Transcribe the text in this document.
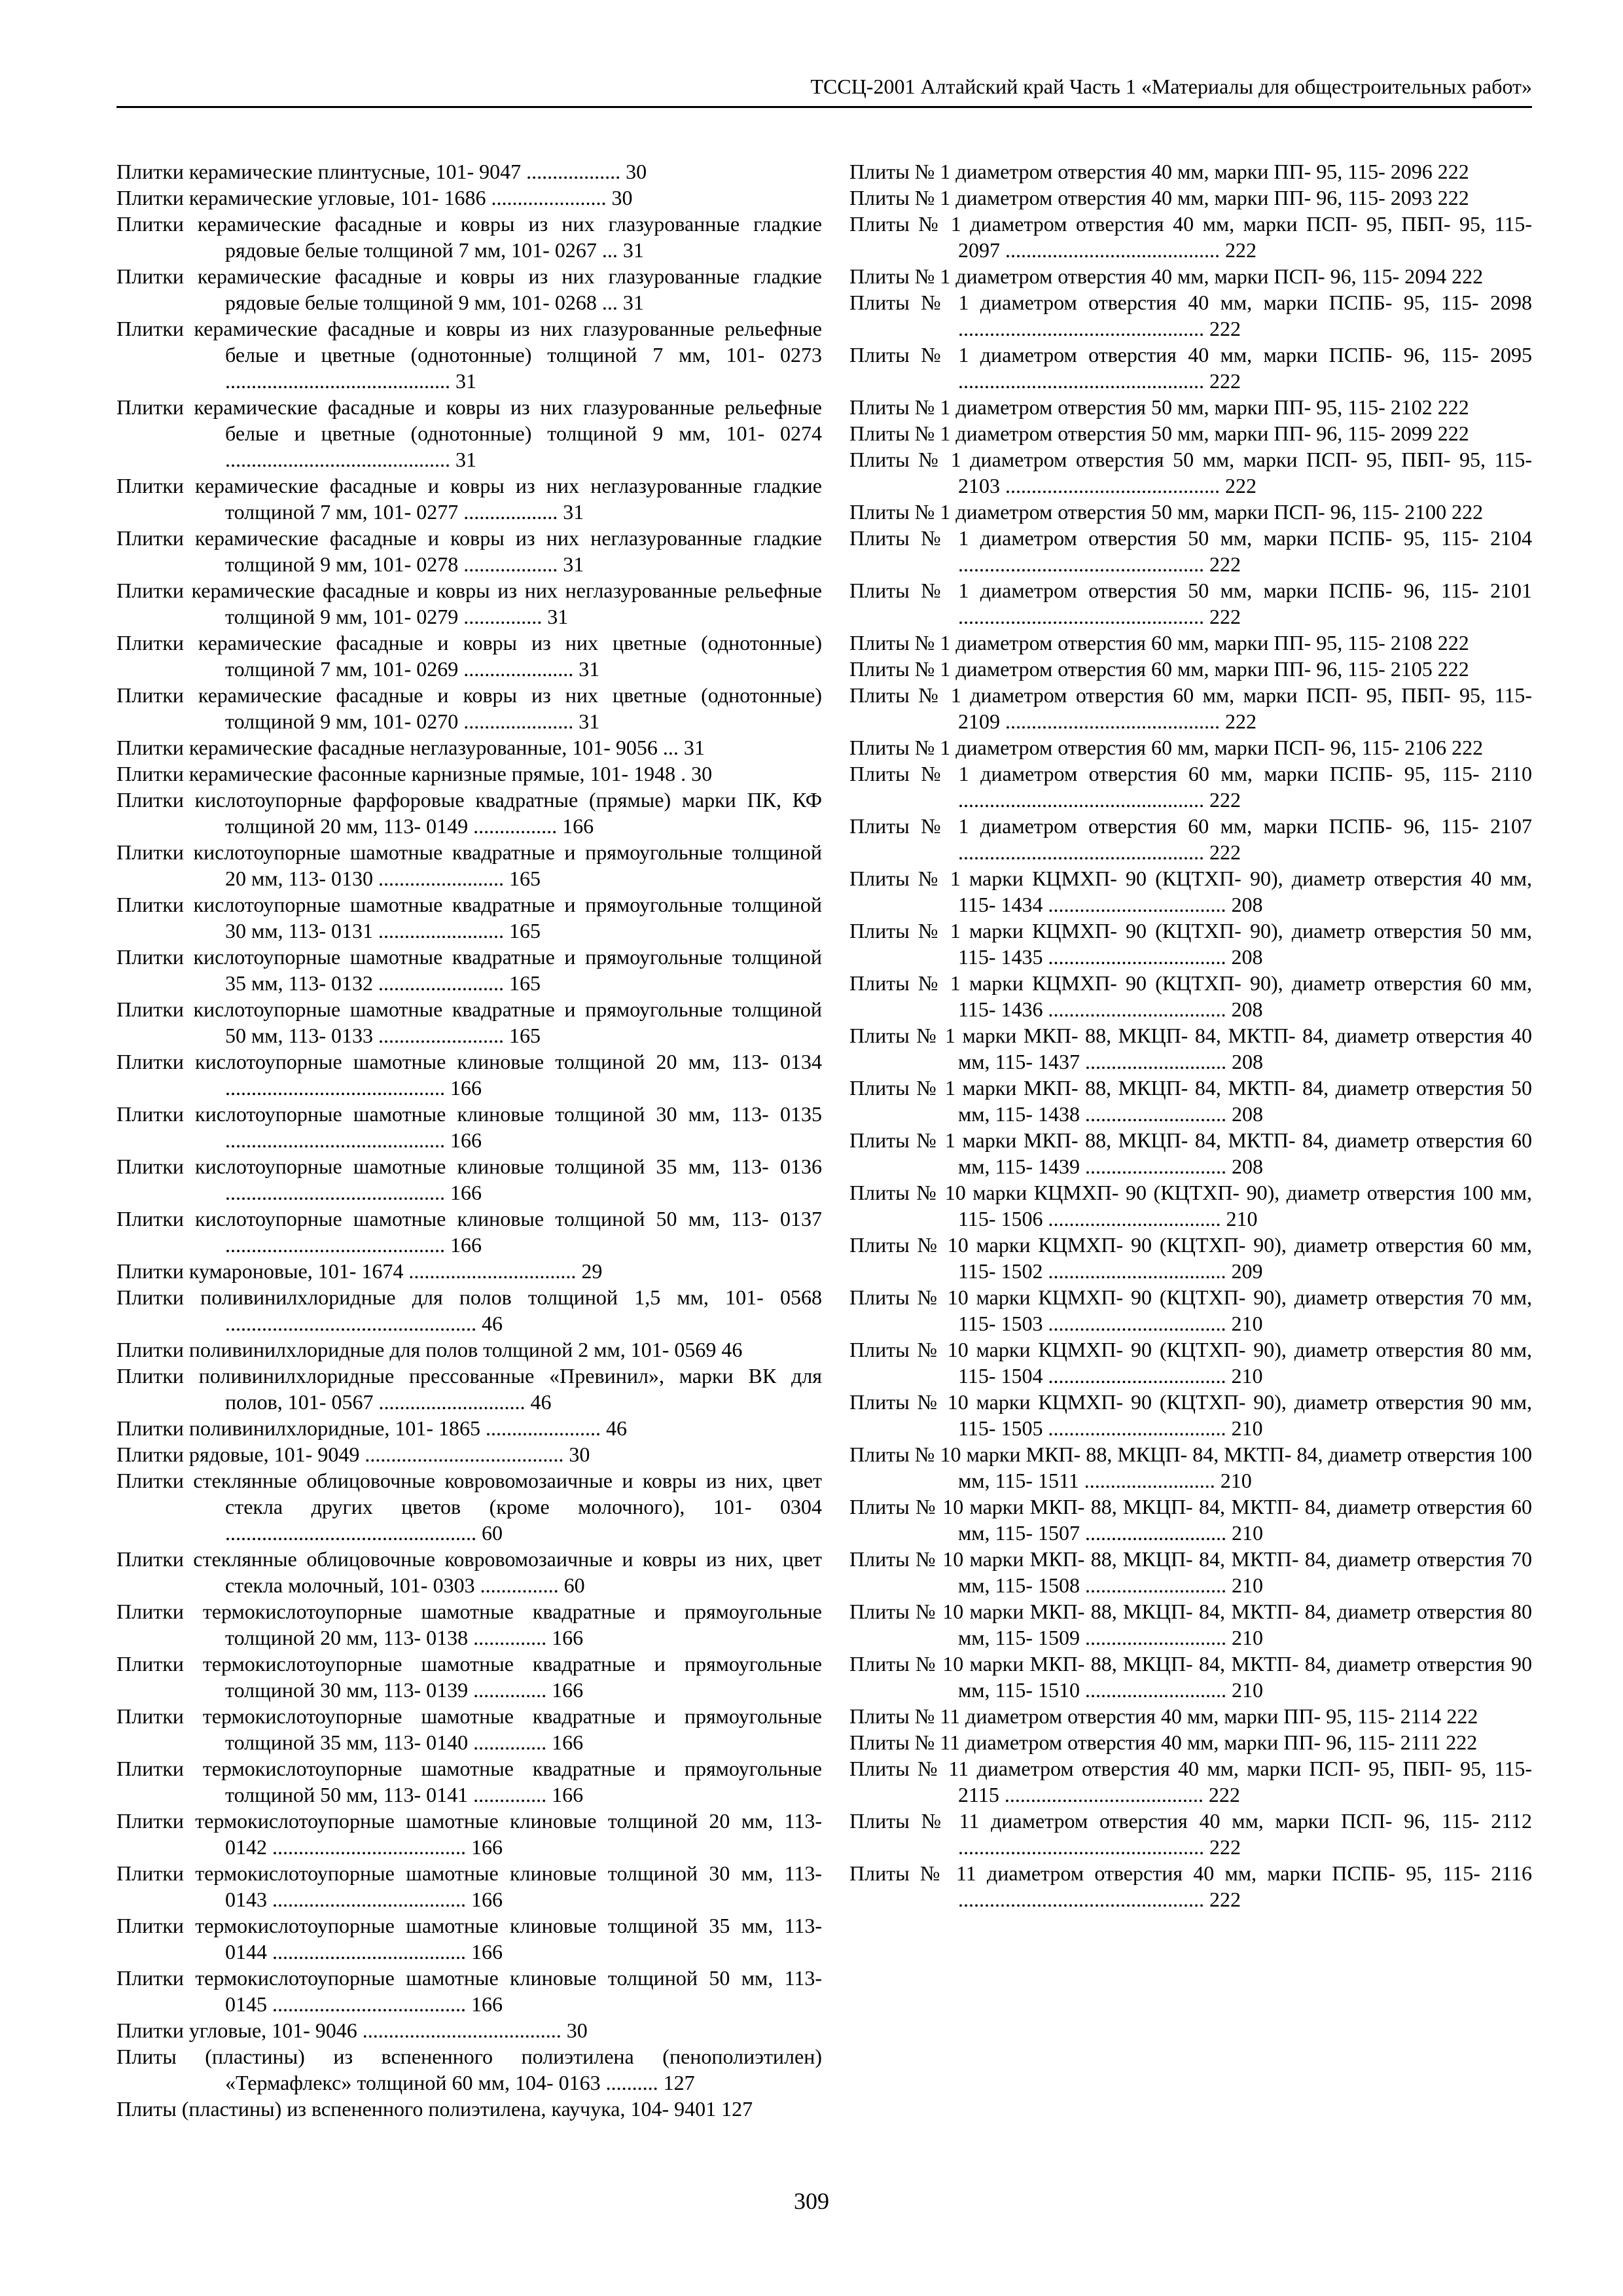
ТССЦ-2001 Алтайский край Часть 1 «Материалы для общестроительных работ»
Плитки керамические плинтусные, 101- 9047 .................. 30
Плитки керамические угловые, 101- 1686 ...................... 30
Плитки керамические фасадные и ковры из них глазурованные гладкие рядовые белые толщиной 7 мм, 101- 0267 ... 31
Плитки керамические фасадные и ковры из них глазурованные гладкие рядовые белые толщиной 9 мм, 101- 0268 ... 31
Плитки керамические фасадные и ковры из них глазурованные рельефные белые и цветные (однотонные) толщиной 7 мм, 101- 0273 ........................................... 31
Плитки керамические фасадные и ковры из них глазурованные рельефные белые и цветные (однотонные) толщиной 9 мм, 101- 0274 ........................................... 31
Плитки керамические фасадные и ковры из них неглазурованные гладкие толщиной 7 мм, 101- 0277 .................. 31
Плитки керамические фасадные и ковры из них неглазурованные гладкие толщиной 9 мм, 101- 0278 .................. 31
Плитки керамические фасадные и ковры из них неглазурованные рельефные толщиной 9 мм, 101- 0279 ............... 31
Плитки керамические фасадные и ковры из них цветные (однотонные) толщиной 7 мм, 101- 0269 ..................... 31
Плитки керамические фасадные и ковры из них цветные (однотонные) толщиной 9 мм, 101- 0270 ..................... 31
Плитки керамические фасадные неглазурованные, 101- 9056 ... 31
Плитки керамические фасонные карнизные прямые, 101- 1948 . 30
Плитки кислотоупорные фарфоровые квадратные (прямые) марки ПК, КФ толщиной 20 мм, 113- 0149 ................ 166
Плитки кислотоупорные шамотные квадратные и прямоугольные толщиной 20 мм, 113- 0130 ........................ 165
Плитки кислотоупорные шамотные квадратные и прямоугольные толщиной 30 мм, 113- 0131 ........................ 165
Плитки кислотоупорные шамотные квадратные и прямоугольные толщиной 35 мм, 113- 0132 ........................ 165
Плитки кислотоупорные шамотные квадратные и прямоугольные толщиной 50 мм, 113- 0133 ........................ 165
Плитки кислотоупорные шамотные клиновые толщиной 20 мм, 113- 0134 .......................................... 166
Плитки кислотоупорные шамотные клиновые толщиной 30 мм, 113- 0135 .......................................... 166
Плитки кислотоупорные шамотные клиновые толщиной 35 мм, 113- 0136 .......................................... 166
Плитки кислотоупорные шамотные клиновые толщиной 50 мм, 113- 0137 .......................................... 166
Плитки кумароновые, 101- 1674 ................................ 29
Плитки поливинилхлоридные для полов толщиной 1,5 мм, 101- 0568 ................................................ 46
Плитки поливинилхлоридные для полов толщиной 2 мм, 101- 0569 46
Плитки поливинилхлоридные прессованные «Превинил», марки ВК для полов, 101- 0567 ............................ 46
Плитки поливинилхлоридные, 101- 1865 ...................... 46
Плитки рядовые, 101- 9049 ...................................... 30
Плитки стеклянные облицовочные ковровомозаичные и ковры из них, цвет стекла других цветов (кроме молочного), 101- 0304 ................................................ 60
Плитки стеклянные облицовочные ковровомозаичные и ковры из них, цвет стекла молочный, 101- 0303 ............... 60
Плитки термокислотоупорные шамотные квадратные и прямоугольные толщиной 20 мм, 113- 0138 .............. 166
Плитки термокислотоупорные шамотные квадратные и прямоугольные толщиной 30 мм, 113- 0139 .............. 166
Плитки термокислотоупорные шамотные квадратные и прямоугольные толщиной 35 мм, 113- 0140 .............. 166
Плитки термокислотоупорные шамотные квадратные и прямоугольные толщиной 50 мм, 113- 0141 .............. 166
Плитки термокислотоупорные шамотные клиновые толщиной 20 мм, 113- 0142 ..................................... 166
Плитки термокислотоупорные шамотные клиновые толщиной 30 мм, 113- 0143 ..................................... 166
Плитки термокислотоупорные шамотные клиновые толщиной 35 мм, 113- 0144 ..................................... 166
Плитки термокислотоупорные шамотные клиновые толщиной 50 мм, 113- 0145 ..................................... 166
Плитки угловые, 101- 9046 ...................................... 30
Плиты (пластины) из вспененного полиэтилена (пенополиэтилен) «Термафлекс» толщиной 60 мм, 104- 0163 .......... 127
Плиты (пластины) из вспененного полиэтилена, каучука, 104- 9401 127
Плиты № 1 диаметром отверстия 40 мм, марки ПП- 95, 115- 2096 222
Плиты № 1 диаметром отверстия 40 мм, марки ПП- 96, 115- 2093 222
Плиты № 1 диаметром отверстия 40 мм, марки ПСП- 95, ПБП- 95, 115- 2097 ......................................... 222
Плиты № 1 диаметром отверстия 40 мм, марки ПСП- 96, 115- 2094 222
Плиты № 1 диаметром отверстия 40 мм, марки ПСПБ- 95, 115- 2098 ............................................... 222
Плиты № 1 диаметром отверстия 40 мм, марки ПСПБ- 96, 115- 2095 ............................................... 222
Плиты № 1 диаметром отверстия 50 мм, марки ПП- 95, 115- 2102 222
Плиты № 1 диаметром отверстия 50 мм, марки ПП- 96, 115- 2099 222
Плиты № 1 диаметром отверстия 50 мм, марки ПСП- 95, ПБП- 95, 115- 2103 ......................................... 222
Плиты № 1 диаметром отверстия 50 мм, марки ПСП- 96, 115- 2100 222
Плиты № 1 диаметром отверстия 50 мм, марки ПСПБ- 95, 115- 2104 ............................................... 222
Плиты № 1 диаметром отверстия 50 мм, марки ПСПБ- 96, 115- 2101 ............................................... 222
Плиты № 1 диаметром отверстия 60 мм, марки ПП- 95, 115- 2108 222
Плиты № 1 диаметром отверстия 60 мм, марки ПП- 96, 115- 2105 222
Плиты № 1 диаметром отверстия 60 мм, марки ПСП- 95, ПБП- 95, 115- 2109 ......................................... 222
Плиты № 1 диаметром отверстия 60 мм, марки ПСП- 96, 115- 2106 222
Плиты № 1 диаметром отверстия 60 мм, марки ПСПБ- 95, 115- 2110 ............................................... 222
Плиты № 1 диаметром отверстия 60 мм, марки ПСПБ- 96, 115- 2107 ............................................... 222
Плиты № 1 марки КЦМХП- 90 (КЦТХП- 90), диаметр отверстия 40 мм, 115- 1434 .................................. 208
Плиты № 1 марки КЦМХП- 90 (КЦТХП- 90), диаметр отверстия 50 мм, 115- 1435 .................................. 208
Плиты № 1 марки КЦМХП- 90 (КЦТХП- 90), диаметр отверстия 60 мм, 115- 1436 .................................. 208
Плиты № 1 марки МКП- 88, МКЦП- 84, МКТП- 84, диаметр отверстия 40 мм, 115- 1437 ........................... 208
Плиты № 1 марки МКП- 88, МКЦП- 84, МКТП- 84, диаметр отверстия 50 мм, 115- 1438 ........................... 208
Плиты № 1 марки МКП- 88, МКЦП- 84, МКТП- 84, диаметр отверстия 60 мм, 115- 1439 ........................... 208
Плиты № 10 марки КЦМХП- 90 (КЦТХП- 90), диаметр отверстия 100 мм, 115- 1506 ................................. 210
Плиты № 10 марки КЦМХП- 90 (КЦТХП- 90), диаметр отверстия 60 мм, 115- 1502 .................................. 209
Плиты № 10 марки КЦМХП- 90 (КЦТХП- 90), диаметр отверстия 70 мм, 115- 1503 .................................. 210
Плиты № 10 марки КЦМХП- 90 (КЦТХП- 90), диаметр отверстия 80 мм, 115- 1504 .................................. 210
Плиты № 10 марки КЦМХП- 90 (КЦТХП- 90), диаметр отверстия 90 мм, 115- 1505 .................................. 210
Плиты № 10 марки МКП- 88, МКЦП- 84, МКТП- 84, диаметр отверстия 100 мм, 115- 1511 ......................... 210
Плиты № 10 марки МКП- 88, МКЦП- 84, МКТП- 84, диаметр отверстия 60 мм, 115- 1507 ........................... 210
Плиты № 10 марки МКП- 88, МКЦП- 84, МКТП- 84, диаметр отверстия 70 мм, 115- 1508 ........................... 210
Плиты № 10 марки МКП- 88, МКЦП- 84, МКТП- 84, диаметр отверстия 80 мм, 115- 1509 ........................... 210
Плиты № 10 марки МКП- 88, МКЦП- 84, МКТП- 84, диаметр отверстия 90 мм, 115- 1510 ........................... 210
Плиты № 11 диаметром отверстия 40 мм, марки ПП- 95, 115- 2114 222
Плиты № 11 диаметром отверстия 40 мм, марки ПП- 96, 115- 2111 222
Плиты № 11 диаметром отверстия 40 мм, марки ПСП- 95, ПБП- 95, 115- 2115 ...................................... 222
Плиты № 11 диаметром отверстия 40 мм, марки ПСП- 96, 115- 2112 ............................................... 222
Плиты № 11 диаметром отверстия 40 мм, марки ПСПБ- 95, 115- 2116 ............................................... 222
309
